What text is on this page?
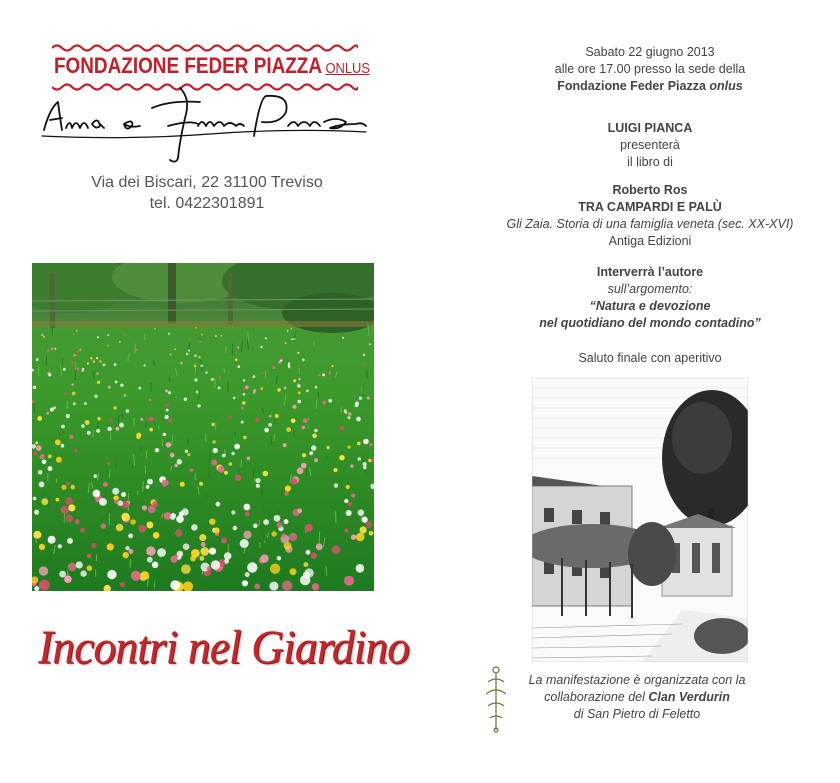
FONDAZIONE FEDER PIAZZA ONLUS
Via dei Biscari, 22 31100 Treviso
tel. 0422301891
Incontri nel Giardino
Sabato 22 giugno 2013
alle ore 17.00 presso la sede della
Fondazione Feder Piazza onlus
LUIGI PIANCA
presenterà
il libro di
Roberto Ros
TRA CAMPARDI E PALÙ
Gli Zaia. Storia di una famiglia veneta (sec. XX-XVI)
Antiga Edizioni
Interverrà l’autore
sull’argomento:
“Natura e devozione
nel quotidiano del mondo contadino”
Saluto finale con aperitivo
La manifestazione è organizzata con la
collaborazione del Clan Verdurin
di San Pietro di Feletto
